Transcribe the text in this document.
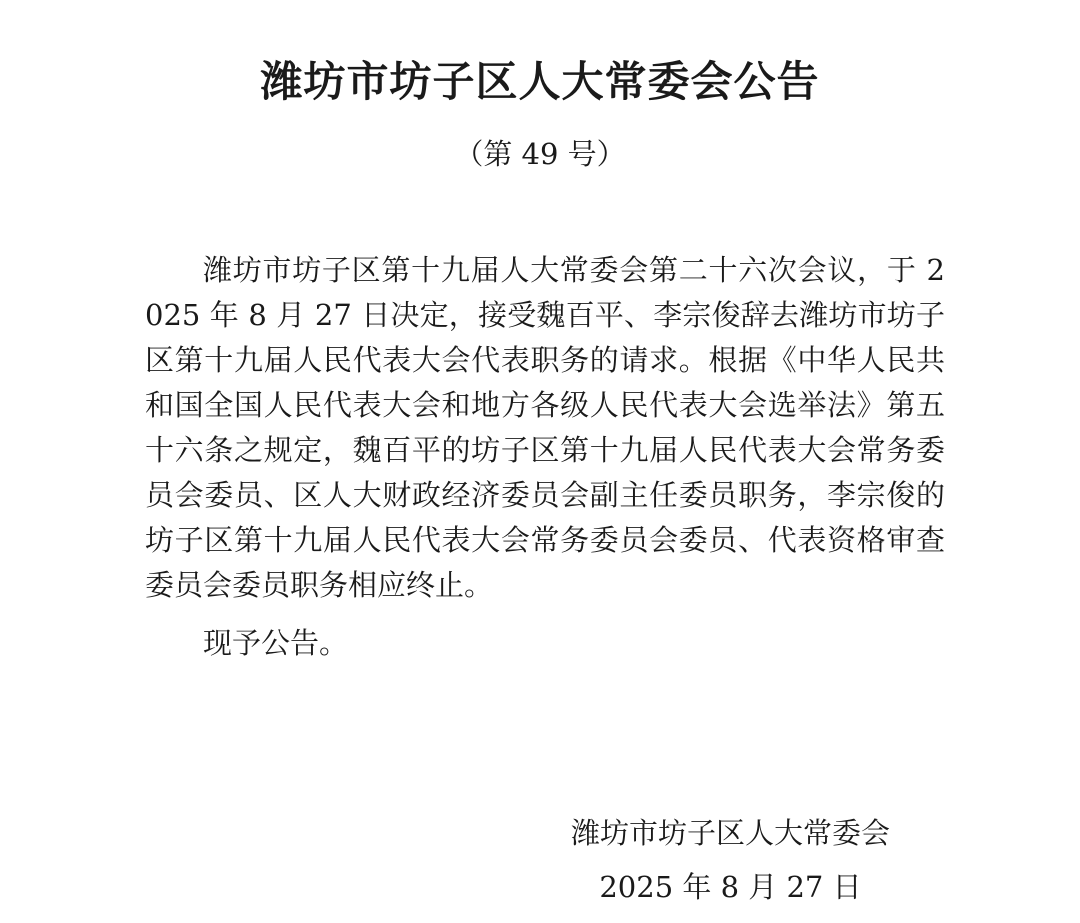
潍坊市坊子区人大常委会公告
（第 49 号）

潍坊市坊子区第十九届人大常委会第二十六次会议，于 2025 年 8 月 27 日决定，接受魏百平、李宗俊辞去潍坊市坊子区第十九届人民代表大会代表职务的请求。根据《中华人民共和国全国人民代表大会和地方各级人民代表大会选举法》第五十六条之规定，魏百平的坊子区第十九届人民代表大会常务委员会委员、区人大财政经济委员会副主任委员职务，李宗俊的坊子区第十九届人民代表大会常务委员会委员、代表资格审查委员会委员职务相应终止。

现予公告。

潍坊市坊子区人大常委会
2025 年 8 月 27 日
